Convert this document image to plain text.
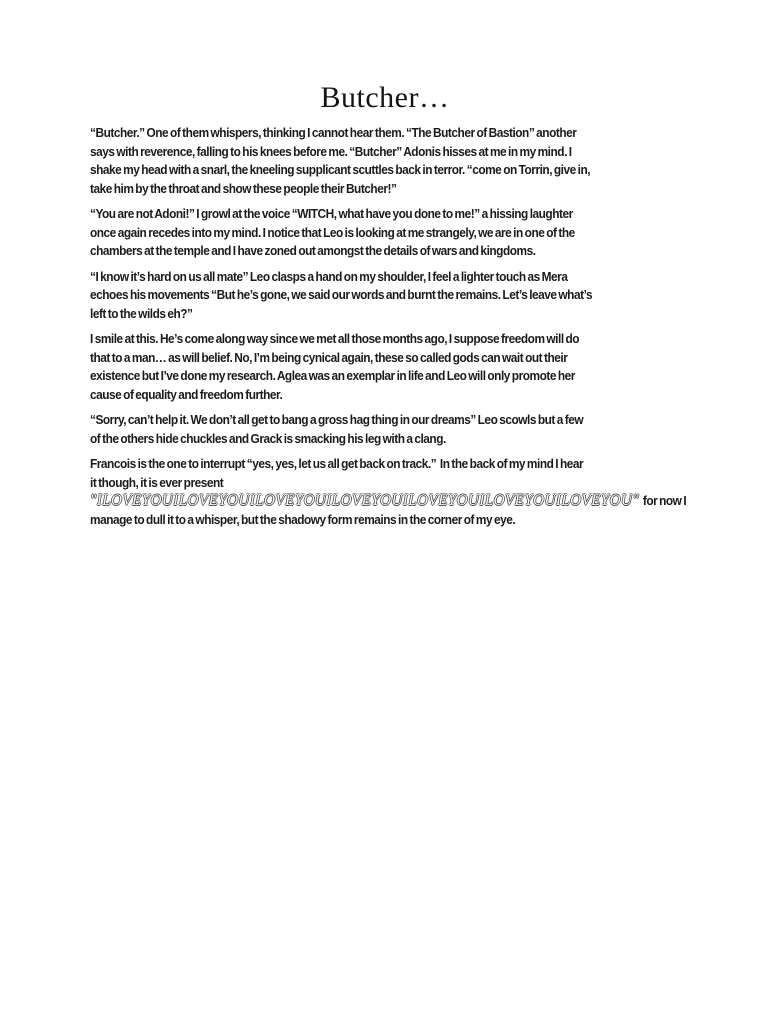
Butcher…
“Butcher.” One of them whispers, thinking I cannot hear them. “The Butcher of Bastion” another
says with reverence, falling to his knees before me. “Butcher” Adonis hisses at me in my mind. I
shake my head with a snarl, the kneeling supplicant scuttles back in terror. “come on Torrin, give in,
take him by the throat and show these people their Butcher!”
“You are not Adoni!” I growl at the voice “WITCH, what have you done to me!” a hissing laughter
once again recedes into my mind. I notice that Leo is looking at me strangely, we are in one of the
chambers at the temple and I have zoned out amongst the details of wars and kingdoms.
“I know it’s hard on us all mate” Leo clasps a hand on my shoulder, I feel a lighter touch as Mera
echoes his movements “But he’s gone, we said our words and burnt the remains. Let’s leave what’s
left to the wilds eh?”
I smile at this. He’s come along way since we met all those months ago, I suppose freedom will do
that to a man… as will belief. No, I’m being cynical again, these so called gods can wait out their
existence but I’ve done my research. Aglea was an exemplar in life and Leo will only promote her
cause of equality and freedom further.
“Sorry, can’t help it. We don’t all get to bang a gross hag thing in our dreams” Leo scowls but a few
of the others hide chuckles and Grack is smacking his leg with a clang.
Francois is the one to interrupt “yes, yes, let us all get back on track.”  In the back of my mind I hear
it though, it is ever present
"ILOVEYOUILOVEYOUILOVEYOUILOVEYOUILOVEYOUILOVEYOUILOVEYOU"  for now I
manage to dull it to a whisper, but the shadowy form remains in the corner of my eye.
